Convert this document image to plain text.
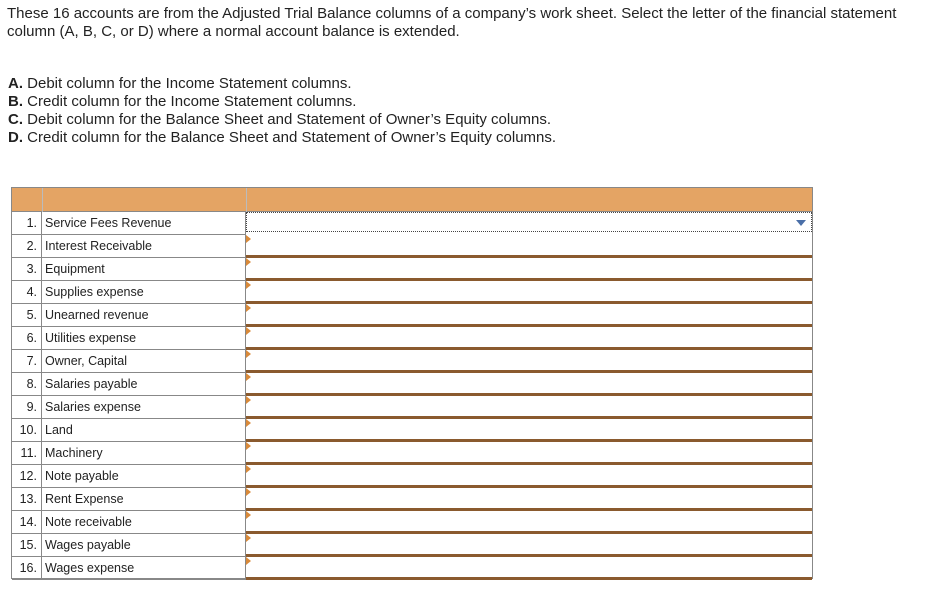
These 16 accounts are from the Adjusted Trial Balance columns of a company’s work sheet. Select the letter of the financial statement column (A, B, C, or D) where a normal account balance is extended.
A. Debit column for the Income Statement columns.
B. Credit column for the Income Statement columns.
C. Debit column for the Balance Sheet and Statement of Owner’s Equity columns.
D. Credit column for the Balance Sheet and Statement of Owner’s Equity columns.
1. Service Fees Revenue
2. Interest Receivable
3. Equipment
4. Supplies expense
5. Unearned revenue
6. Utilities expense
7. Owner, Capital
8. Salaries payable
9. Salaries expense
10. Land
11. Machinery
12. Note payable
13. Rent Expense
14. Note receivable
15. Wages payable
16. Wages expense
